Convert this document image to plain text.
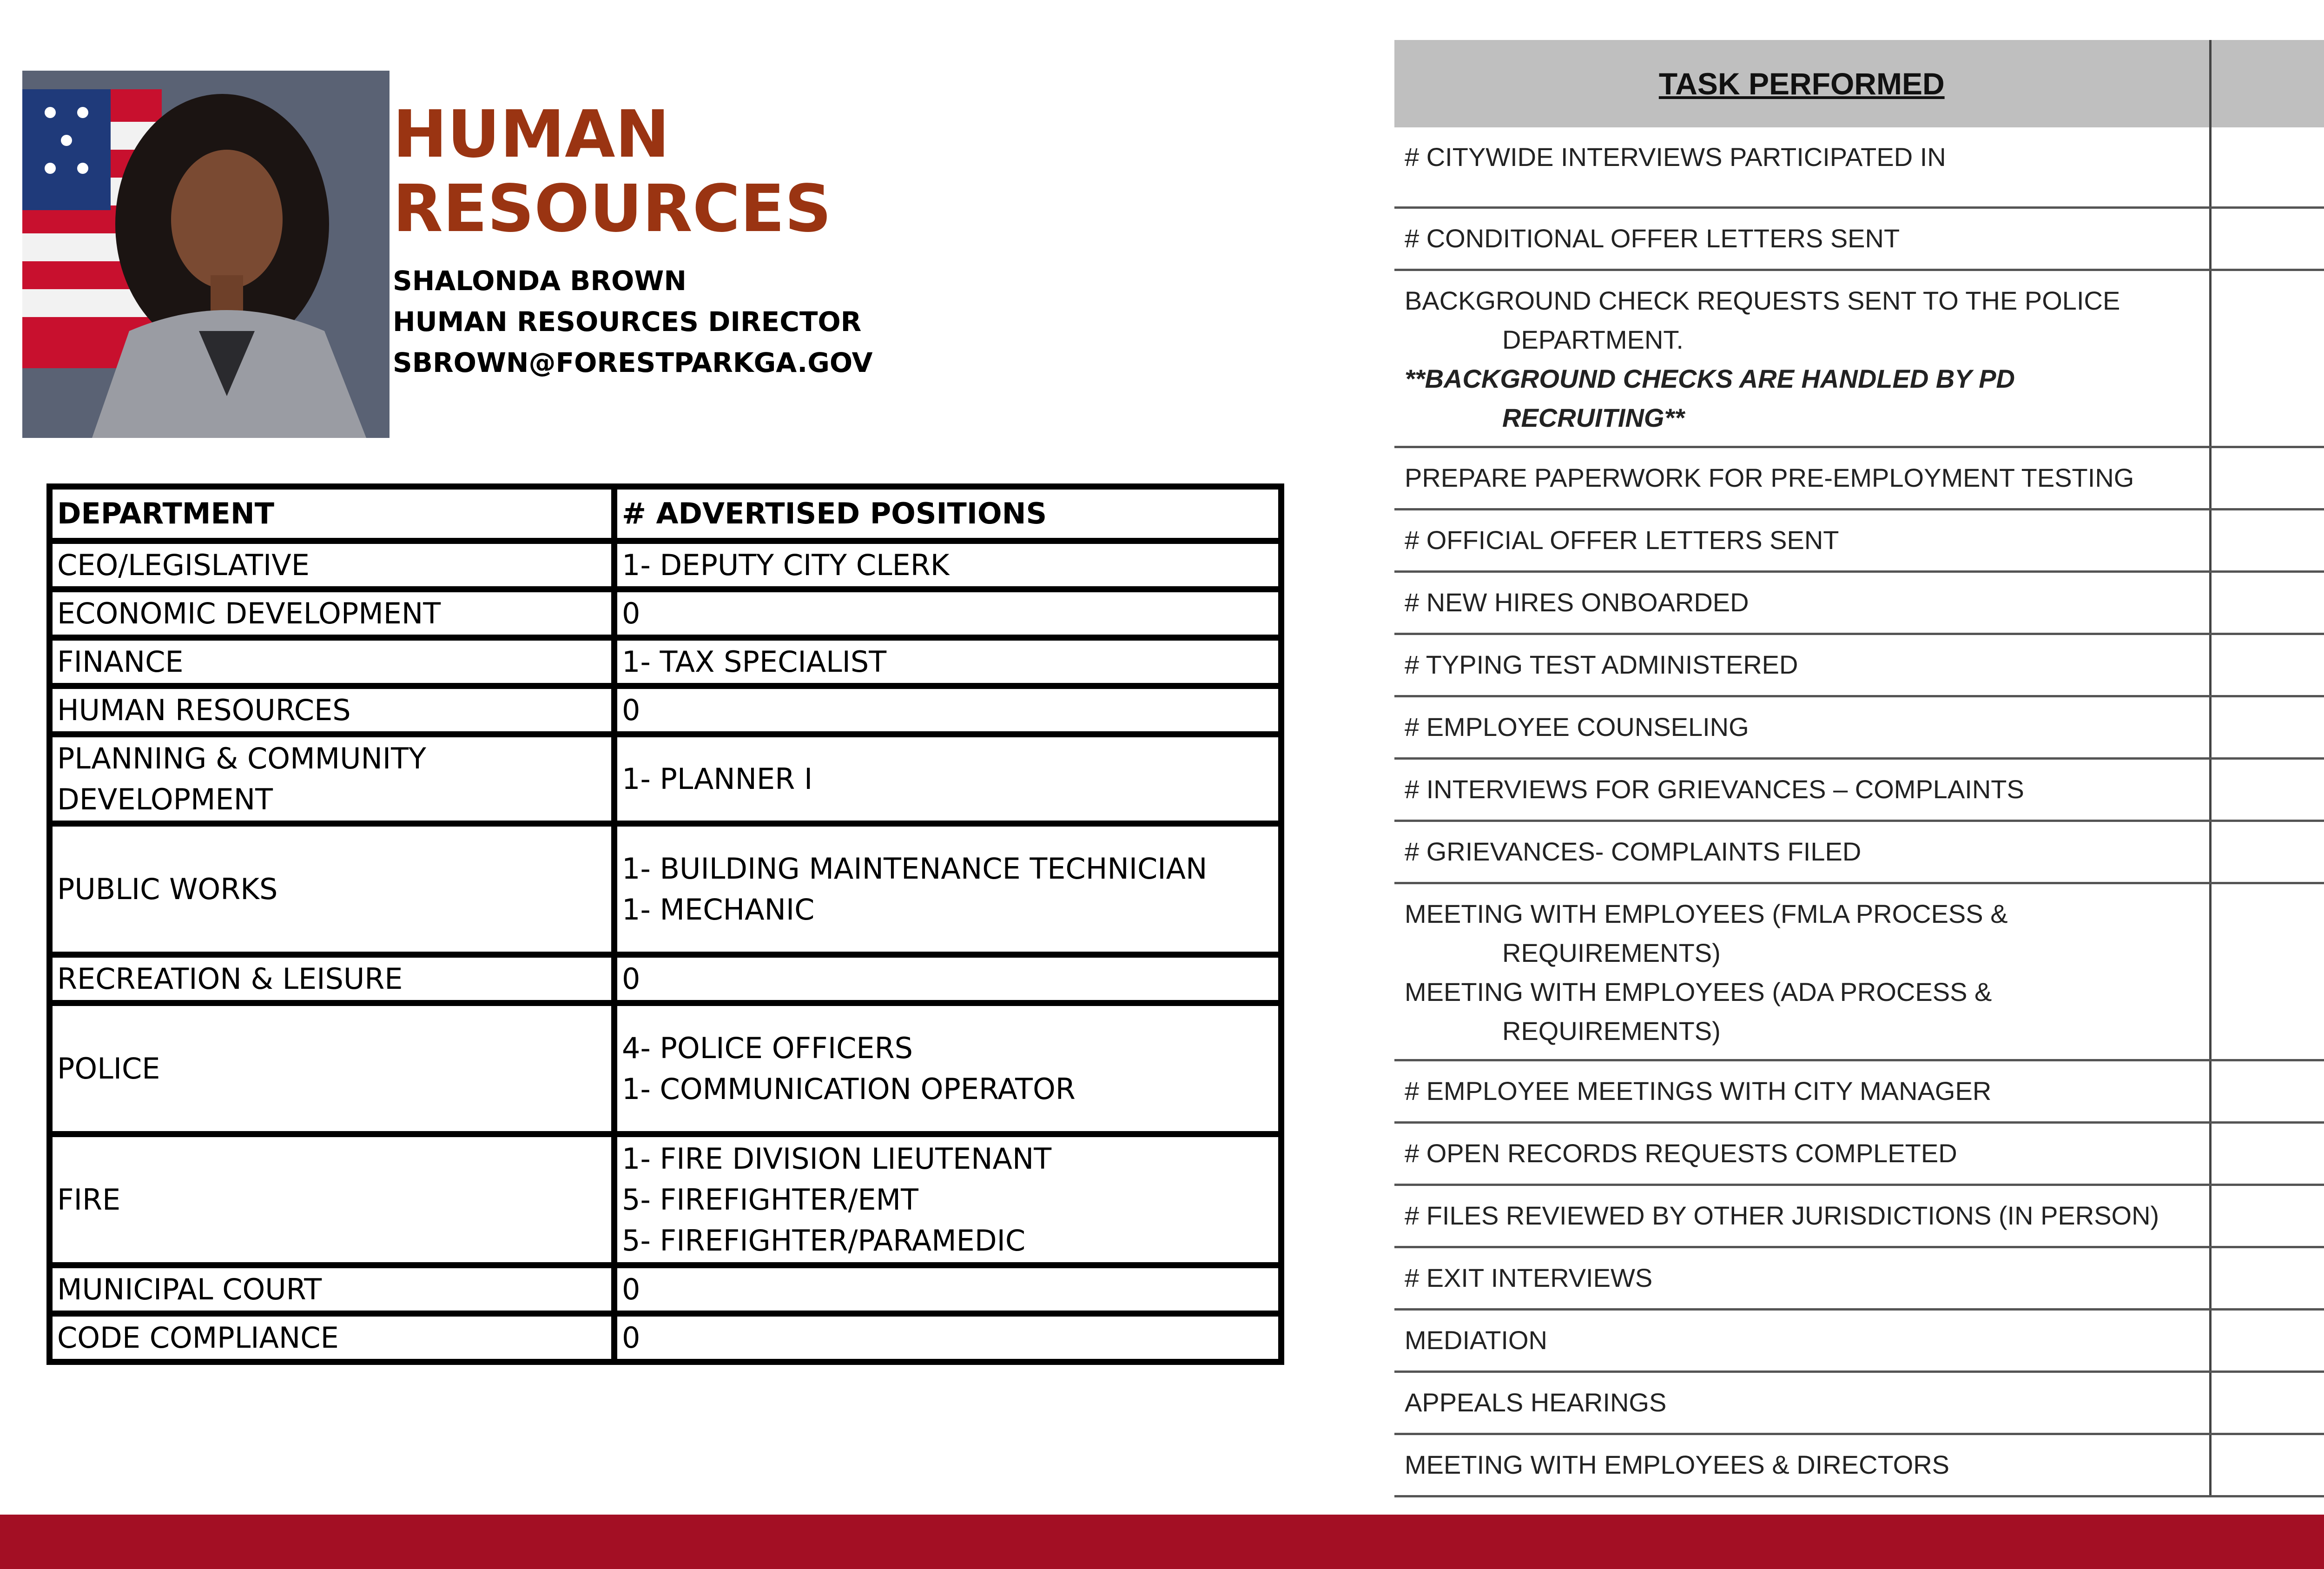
HUMAN
RESOURCES
SHALONDA BROWN
HUMAN RESOURCES DIRECTOR
SBROWN@FORESTPARKGA.GOV
DEPARTMENT	# ADVERTISED POSITIONS

CEO/LEGISLATIVE	1- DEPUTY CITY CLERK

ECONOMIC DEVELOPMENT	0

FINANCE	1- TAX SPECIALIST

HUMAN RESOURCES	0

PLANNING & COMMUNITY
DEVELOPMENT	1- PLANNER I

PUBLIC WORKS	1- BUILDING MAINTENANCE TECHNICIAN
1- MECHANIC

RECREATION & LEISURE	0

POLICE	4- POLICE OFFICERS
1- COMMUNICATION OPERATOR

FIRE	1- FIRE DIVISION LIEUTENANT
5- FIREFIGHTER/EMT
5- FIREFIGHTER/PARAMEDIC

MUNICIPAL COURT	0

CODE COMPLIANCE	0
TASK PERFORMED	

# CITYWIDE INTERVIEWS PARTICIPATED IN

# CONDITIONAL OFFER LETTERS SENT

BACKGROUND CHECK REQUESTS SENT TO THE POLICE
DEPARTMENT.
**BACKGROUND CHECKS ARE HANDLED BY PD
RECRUITING**

PREPARE PAPERWORK FOR PRE-EMPLOYMENT TESTING

# OFFICIAL OFFER LETTERS SENT

# NEW HIRES ONBOARDED

# TYPING TEST ADMINISTERED

# EMPLOYEE COUNSELING

# INTERVIEWS FOR GRIEVANCES – COMPLAINTS

# GRIEVANCES- COMPLAINTS FILED

MEETING WITH EMPLOYEES (FMLA PROCESS &
REQUIREMENTS)
MEETING WITH EMPLOYEES (ADA PROCESS &
REQUIREMENTS)

# EMPLOYEE MEETINGS WITH CITY MANAGER

# OPEN RECORDS REQUESTS COMPLETED

# FILES REVIEWED BY OTHER JURISDICTIONS (IN PERSON)

# EXIT INTERVIEWS

MEDIATION

APPEALS HEARINGS

MEETING WITH EMPLOYEES & DIRECTORS
